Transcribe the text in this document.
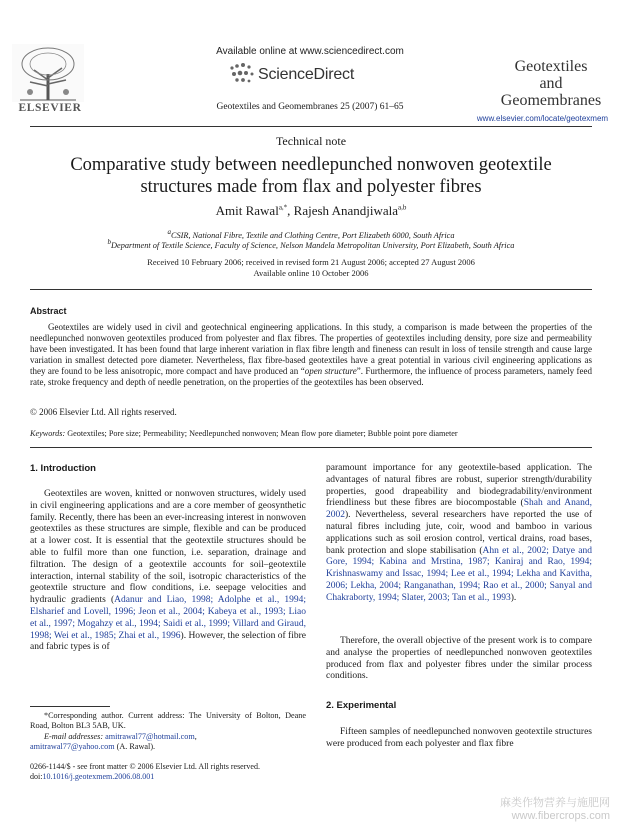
ELSEVIER
Available online at www.sciencedirect.com
ScienceDirect
Geotextiles and Geomembranes 25 (2007) 61–65
Geotextiles
and
Geomembranes
www.elsevier.com/locate/geotexmem
Technical note
Comparative study between needlepunched nonwoven geotextile
structures made from flax and polyester fibres
Amit Rawal$^{a,*}$, Rajesh Anandjiwala$^{a,b}$
$^a$CSIR, National Fibre, Textile and Clothing Centre, Port Elizabeth 6000, South Africa
$^b$Department of Textile Science, Faculty of Science, Nelson Mandela Metropolitan University, Port Elizabeth, South Africa
Received 10 February 2006; received in revised form 21 August 2006; accepted 27 August 2006
Available online 10 October 2006
Abstract
Geotextiles are widely used in civil and geotechnical engineering applications. In this study, a comparison is made between the properties of the needlepunched nonwoven geotextiles produced from polyester and flax fibres. The properties of geotextiles including density, pore size and permeability have been investigated. It has been found that large inherent variation in flax fibre length and fineness can result in loss of tensile strength and cause large variation in smallest detected pore diameter. Nevertheless, flax fibre-based geotextiles have a great potential in various civil engineering applications as they are found to be less anisotropic, more compact and have produced an “open structure”. Furthermore, the influence of process parameters, namely feed rate, stroke frequency and depth of needle penetration, on the properties of the geotextiles has been observed.
© 2006 Elsevier Ltd. All rights reserved.
Keywords: Geotextiles; Pore size; Permeability; Needlepunched nonwoven; Mean flow pore diameter; Bubble point pore diameter
1. Introduction
Geotextiles are woven, knitted or nonwoven structures, widely used in civil engineering applications and are a core member of geosynthetic family. Recently, there has been an ever-increasing interest in nonwoven geotextiles as these structures are simple, flexible and can be produced at a lower cost. It is essential that the geotextile structures should be able to fulfil more than one function, i.e. separation, drainage and filtration. The design of a geotextile accounts for soil–geotextile interaction, internal stability of the soil, isotropic characteristics of the geotextile structure and flow conditions, i.e. seepage velocities and hydraulic gradients (Adanur and Liao, 1998; Adolphe et al., 1994; Elsharief and Lovell, 1996; Jeon et al., 2004; Kabeya et al., 1993; Liao et al., 1997; Mogahzy et al., 1994; Saidi et al., 1999; Villard and Giraud, 1998; Wei et al., 1985; Zhai et al., 1996). However, the selection of fibre and fabric types is of
*Corresponding author. Current address: The University of Bolton, Deane Road, Bolton BL3 5AB, UK.
E-mail addresses: amitrawal77@hotmail.com,
amitrawal77@yahoo.com (A. Rawal).
0266-1144/$ - see front matter © 2006 Elsevier Ltd. All rights reserved.
doi:10.1016/j.geotexmem.2006.08.001
paramount importance for any geotextile-based application. The advantages of natural fibres are robust, superior strength/durability properties, good drapeability and biodegradability/environment friendliness but these fibres are biocompostable (Shah and Anand, 2002). Nevertheless, several researchers have reported the use of natural fibres including jute, coir, wood and bamboo in various applications such as soil erosion control, vertical drains, road bases, bank protection and slope stabilisation (Ahn et al., 2002; Datye and Gore, 1994; Kabina and Mrstina, 1987; Kaniraj and Rao, 1994; Krishnaswamy and Issac, 1994; Lee et al., 1994; Lekha and Kavitha, 2006; Lekha, 2004; Ranganathan, 1994; Rao et al., 2000; Sanyal and Chakraborty, 1994; Slater, 2003; Tan et al., 1993).
Therefore, the overall objective of the present work is to compare and analyse the properties of needlepunched nonwoven geotextiles produced from flax and polyester fibres under the similar process conditions.
2. Experimental
Fifteen samples of needlepunched nonwoven geotextile structures were produced from each polyester and flax fibre
麻类作物营养与施肥网
www.fibercrops.com
